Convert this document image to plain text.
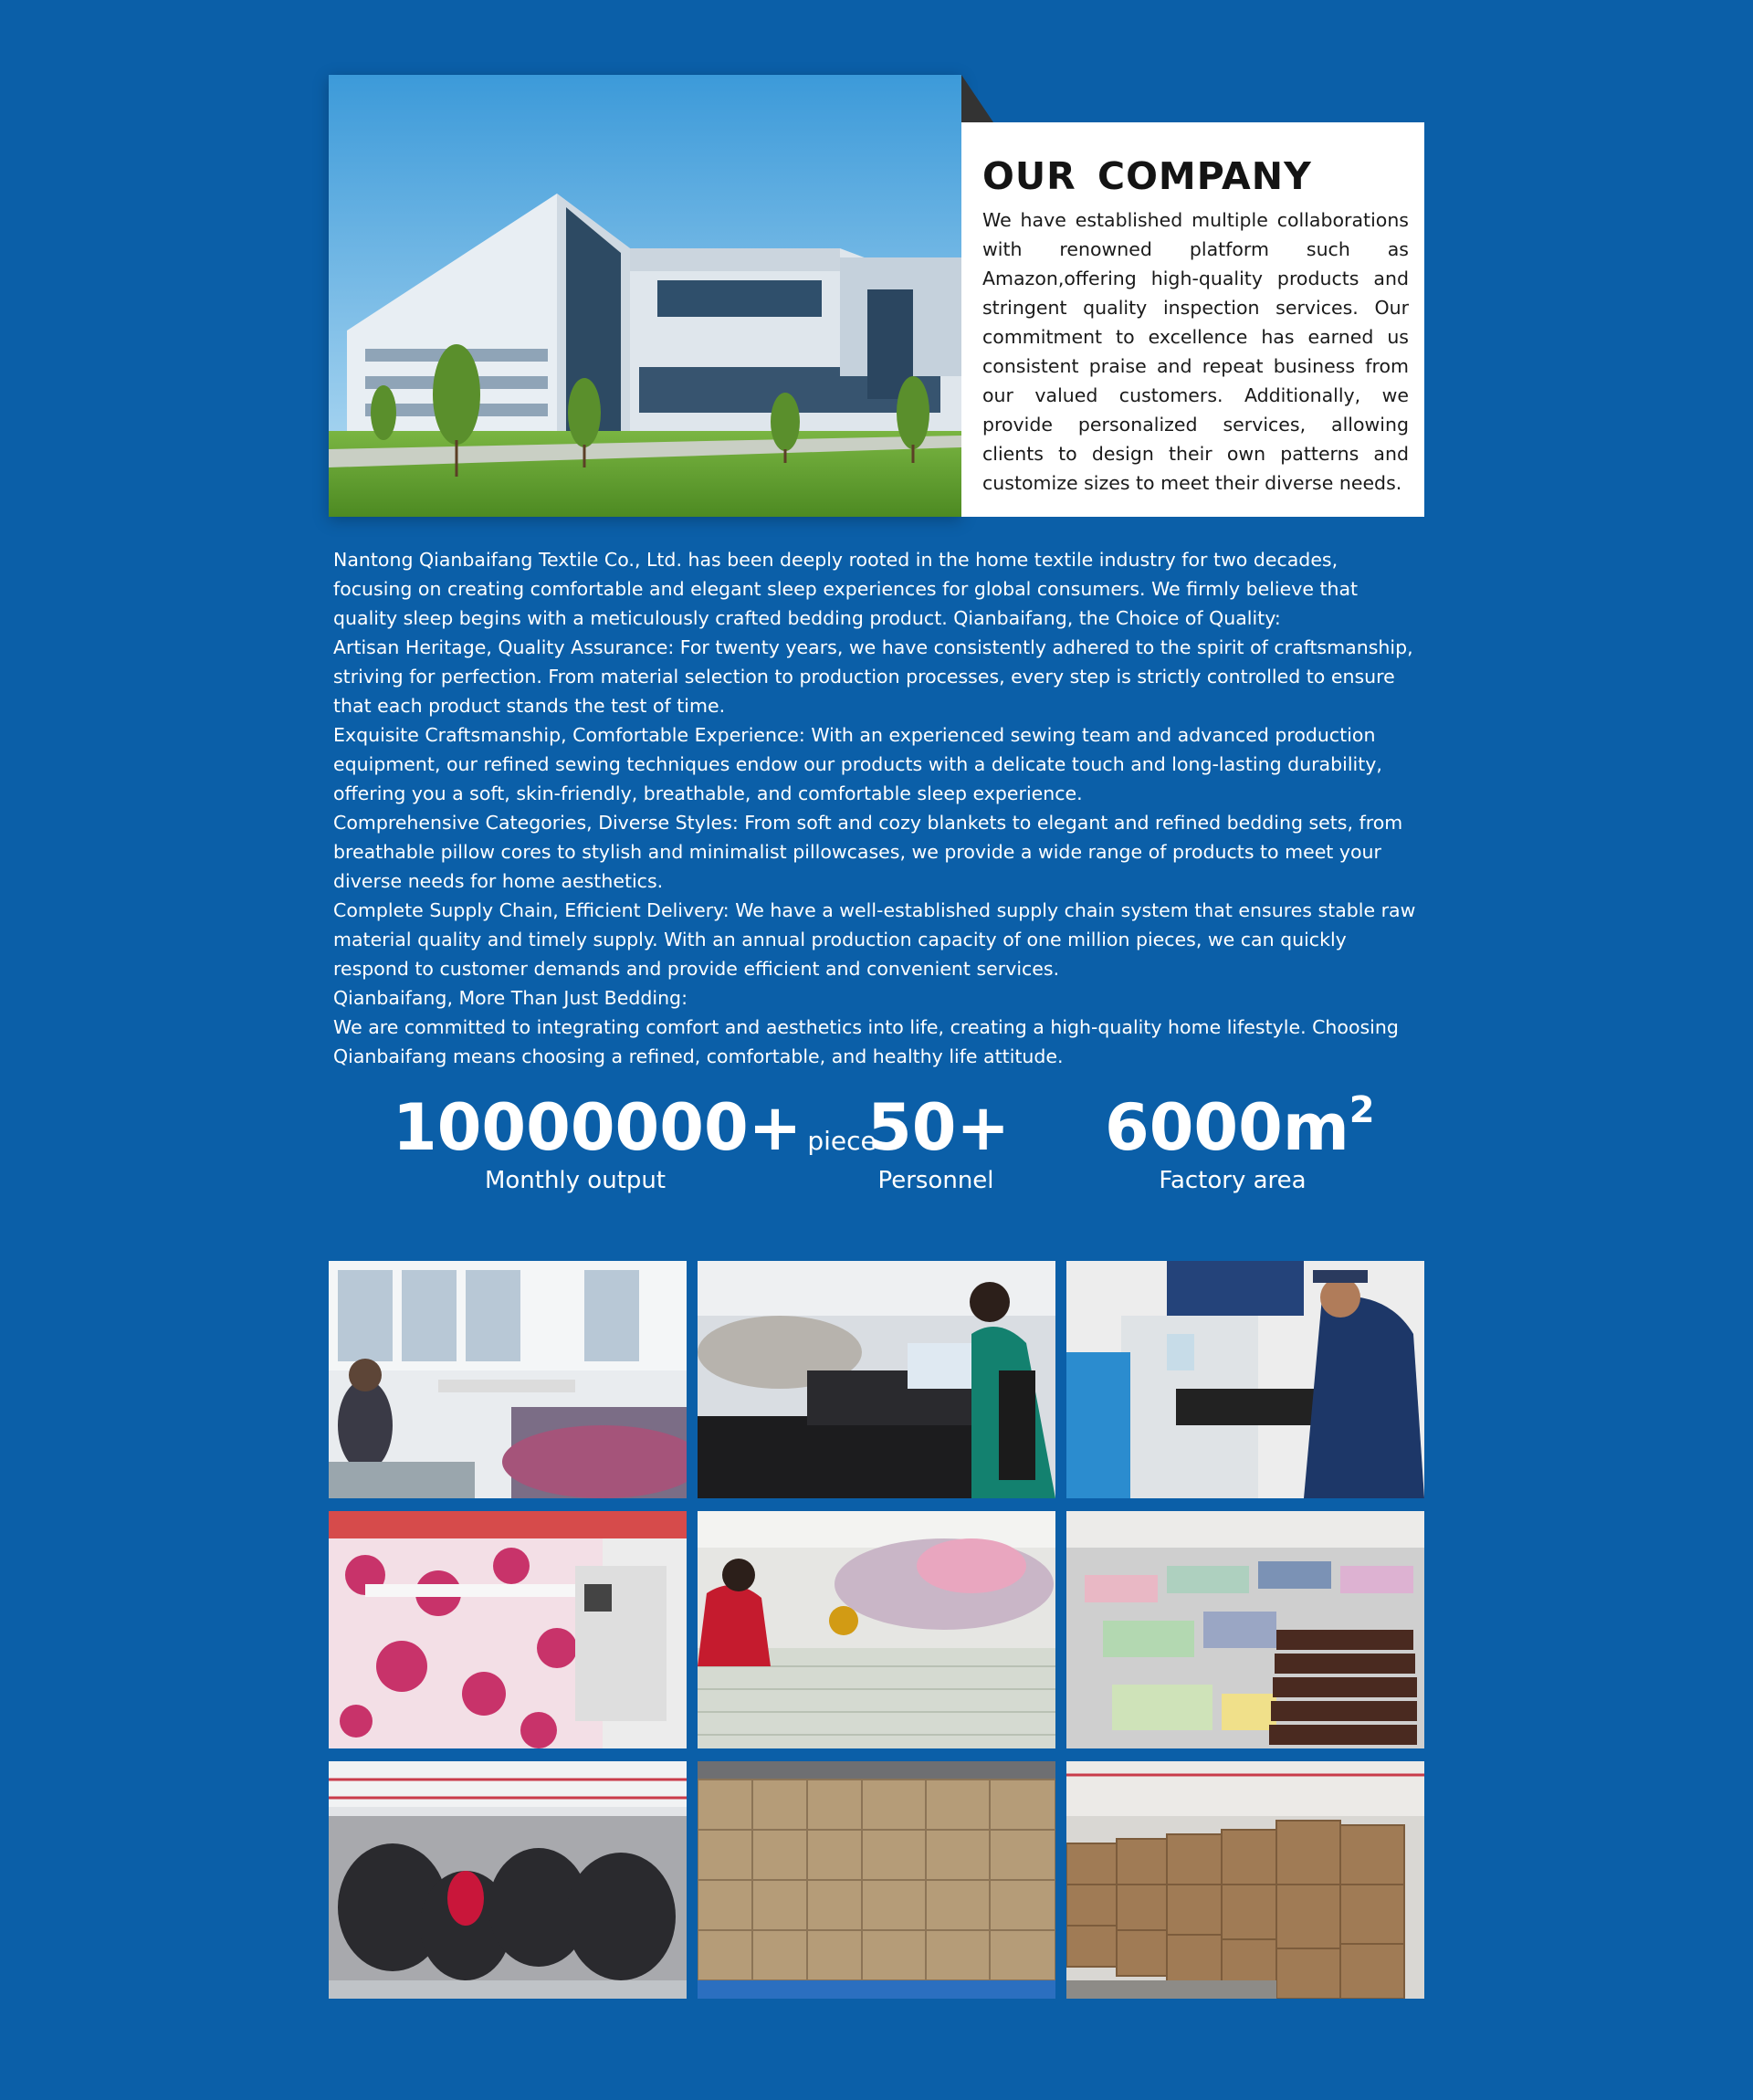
OUR COMPANY

We have established multiple collaborations with renowned platform such as Amazon,offering high-quality products and stringent quality inspection services. Our commitment to excellence has earned us consistent praise and repeat business from our valued customers. Additionally, we provide personalized services, allowing clients to design their own patterns and customize sizes to meet their diverse needs.

Nantong Qianbaifang Textile Co., Ltd. has been deeply rooted in the home textile industry for two decades, focusing on creating comfortable and elegant sleep experiences for global consumers. We firmly believe that quality sleep begins with a meticulously crafted bedding product. Qianbaifang, the Choice of Quality:

Artisan Heritage, Quality Assurance: For twenty years, we have consistently adhered to the spirit of craftsmanship, striving for perfection. From material selection to production processes, every step is strictly controlled to ensure that each product stands the test of time.

Exquisite Craftsmanship, Comfortable Experience: With an experienced sewing team and advanced production equipment, our refined sewing techniques endow our products with a delicate touch and long-lasting durability, offering you a soft, skin-friendly, breathable, and comfortable sleep experience.

Comprehensive Categories, Diverse Styles: From soft and cozy blankets to elegant and refined bedding sets, from breathable pillow cores to stylish and minimalist pillowcases, we provide a wide range of products to meet your diverse needs for home aesthetics.

Complete Supply Chain, Efficient Delivery: We have a well-established supply chain system that ensures stable raw material quality and timely supply. With an annual production capacity of one million pieces, we can quickly respond to customer demands and provide efficient and convenient services.

Qianbaifang, More Than Just Bedding:

We are committed to integrating comfort and aesthetics into life, creating a high-quality home lifestyle. Choosing Qianbaifang means choosing a refined, comfortable, and healthy life attitude.

10000000+ piece
Monthly output
50+
Personnel
$6000m^2$
Factory area
